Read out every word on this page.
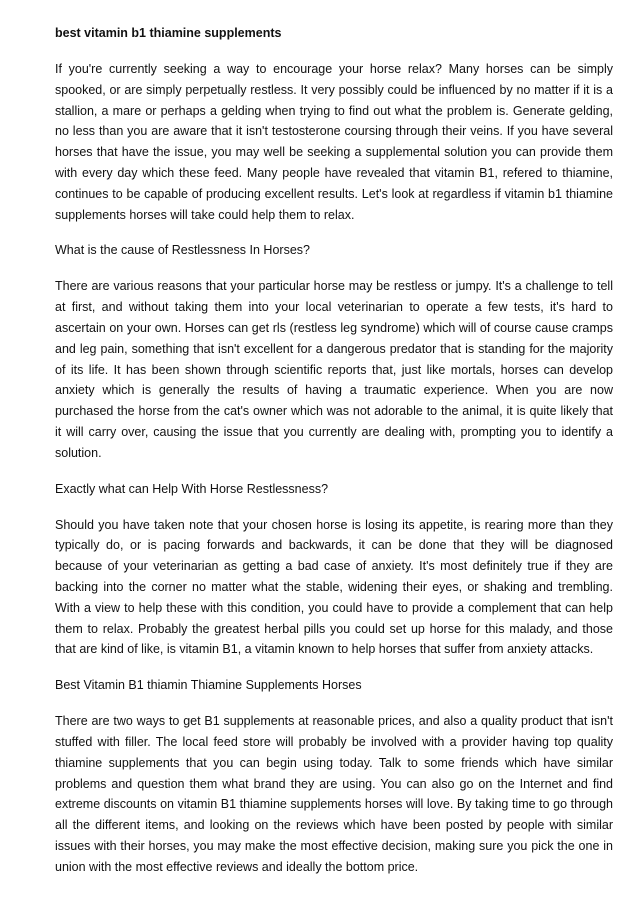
best vitamin b1 thiamine supplements

If you're currently seeking a way to encourage your horse relax? Many horses can be simply spooked, or are simply perpetually restless. It very possibly could be influenced by no matter if it is a stallion, a mare or perhaps a gelding when trying to find out what the problem is. Generate gelding, no less than you are aware that it isn't testosterone coursing through their veins. If you have several horses that have the issue, you may well be seeking a supplemental solution you can provide them with every day which these feed. Many people have revealed that vitamin B1, refered to thiamine, continues to be capable of producing excellent results. Let's look at regardless if vitamin b1 thiamine supplements horses will take could help them to relax.

What is the cause of Restlessness In Horses?

There are various reasons that your particular horse may be restless or jumpy. It's a challenge to tell at first, and without taking them into your local veterinarian to operate a few tests, it's hard to ascertain on your own. Horses can get rls (restless leg syndrome) which will of course cause cramps and leg pain, something that isn't excellent for a dangerous predator that is standing for the majority of its life. It has been shown through scientific reports that, just like mortals, horses can develop anxiety which is generally the results of having a traumatic experience. When you are now purchased the horse from the cat's owner which was not adorable to the animal, it is quite likely that it will carry over, causing the issue that you currently are dealing with, prompting you to identify a solution.

Exactly what can Help With Horse Restlessness?

Should you have taken note that your chosen horse is losing its appetite, is rearing more than they typically do, or is pacing forwards and backwards, it can be done that they will be diagnosed because of your veterinarian as getting a bad case of anxiety. It's most definitely true if they are backing into the corner no matter what the stable, widening their eyes, or shaking and trembling. With a view to help these with this condition, you could have to provide a complement that can help them to relax. Probably the greatest herbal pills you could set up horse for this malady, and those that are kind of like, is vitamin B1, a vitamin known to help horses that suffer from anxiety attacks.

Best Vitamin B1 thiamin Thiamine Supplements Horses

There are two ways to get B1 supplements at reasonable prices, and also a quality product that isn't stuffed with filler. The local feed store will probably be involved with a provider having top quality thiamine supplements that you can begin using today. Talk to some friends which have similar problems and question them what brand they are using. You can also go on the Internet and find extreme discounts on vitamin B1 thiamine supplements horses will love. By taking time to go through all the different items, and looking on the reviews which have been posted by people with similar issues with their horses, you may make the most effective decision, making sure you pick the one in union with the most effective reviews and ideally the bottom price.
